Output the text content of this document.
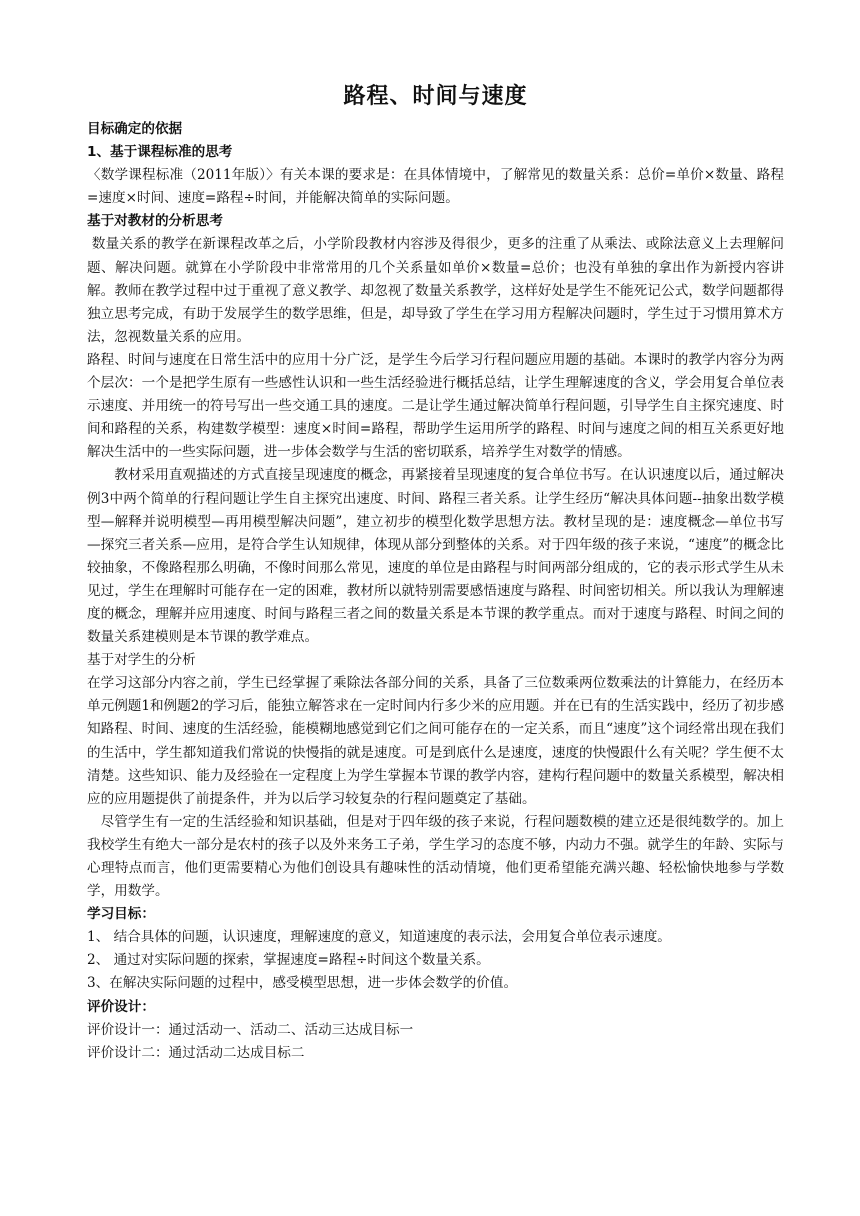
路程、时间与速度
目标确定的依据
1、基于课程标准的思考
〈数学课程标准（2011年版）〉有关本课的要求是：在具体情境中，了解常见的数量关系：总价=单价×数量、路程=速度×时间、速度=路程÷时间，并能解决简单的实际问题。
基于对教材的分析思考
数量关系的教学在新课程改革之后，小学阶段教材内容涉及得很少，更多的注重了从乘法、或除法意义上去理解问题、解决问题。就算在小学阶段中非常常用的几个关系量如单价×数量=总价；也没有单独的拿出作为新授内容讲解。教师在教学过程中过于重视了意义教学、却忽视了数量关系教学，这样好处是学生不能死记公式，数学问题都得独立思考完成，有助于发展学生的数学思维，但是，却导致了学生在学习用方程解决问题时，学生过于习惯用算术方法，忽视数量关系的应用。
路程、时间与速度在日常生活中的应用十分广泛，是学生今后学习行程问题应用题的基础。本课时的教学内容分为两个层次：一个是把学生原有一些感性认识和一些生活经验进行概括总结，让学生理解速度的含义，学会用复合单位表示速度、并用统一的符号写出一些交通工具的速度。二是让学生通过解决简单行程问题，引导学生自主探究速度、时间和路程的关系，构建数学模型：速度×时间=路程，帮助学生运用所学的路程、时间与速度之间的相互关系更好地解决生活中的一些实际问题，进一步体会数学与生活的密切联系，培养学生对数学的情感。
教材采用直观描述的方式直接呈现速度的概念，再紧接着呈现速度的复合单位书写。在认识速度以后，通过解决例3中两个简单的行程问题让学生自主探究出速度、时间、路程三者关系。让学生经历“解决具体问题--抽象出数学模型—解释并说明模型—再用模型解决问题”，建立初步的模型化数学思想方法。教材呈现的是：速度概念—单位书写—探究三者关系—应用，是符合学生认知规律，体现从部分到整体的关系。对于四年级的孩子来说，“速度”的概念比较抽象，不像路程那么明确，不像时间那么常见，速度的单位是由路程与时间两部分组成的，它的表示形式学生从未见过，学生在理解时可能存在一定的困难，教材所以就特别需要感悟速度与路程、时间密切相关。所以我认为理解速度的概念，理解并应用速度、时间与路程三者之间的数量关系是本节课的教学重点。而对于速度与路程、时间之间的数量关系建模则是本节课的教学难点。
基于对学生的分析
在学习这部分内容之前，学生已经掌握了乘除法各部分间的关系，具备了三位数乘两位数乘法的计算能力，在经历本单元例题1和例题2的学习后，能独立解答求在一定时间内行多少米的应用题。并在已有的生活实践中，经历了初步感知路程、时间、速度的生活经验，能模糊地感觉到它们之间可能存在的一定关系，而且“速度”这个词经常出现在我们的生活中，学生都知道我们常说的快慢指的就是速度。可是到底什么是速度，速度的快慢跟什么有关呢？学生便不太清楚。这些知识、能力及经验在一定程度上为学生掌握本节课的教学内容，建构行程问题中的数量关系模型，解决相应的应用题提供了前提条件，并为以后学习较复杂的行程问题奠定了基础。
尽管学生有一定的生活经验和知识基础，但是对于四年级的孩子来说，行程问题数模的建立还是很纯数学的。加上我校学生有绝大一部分是农村的孩子以及外来务工子弟，学生学习的态度不够，内动力不强。就学生的年龄、实际与心理特点而言，他们更需要精心为他们创设具有趣味性的活动情境，他们更希望能充满兴趣、轻松愉快地参与学数学，用数学。
学习目标：
1、 结合具体的问题，认识速度，理解速度的意义，知道速度的表示法，会用复合单位表示速度。
2、 通过对实际问题的探索，掌握速度=路程÷时间这个数量关系。
3、在解决实际问题的过程中，感受模型思想，进一步体会数学的价值。
评价设计：
评价设计一：通过活动一、活动二、活动三达成目标一
评价设计二：通过活动二达成目标二
